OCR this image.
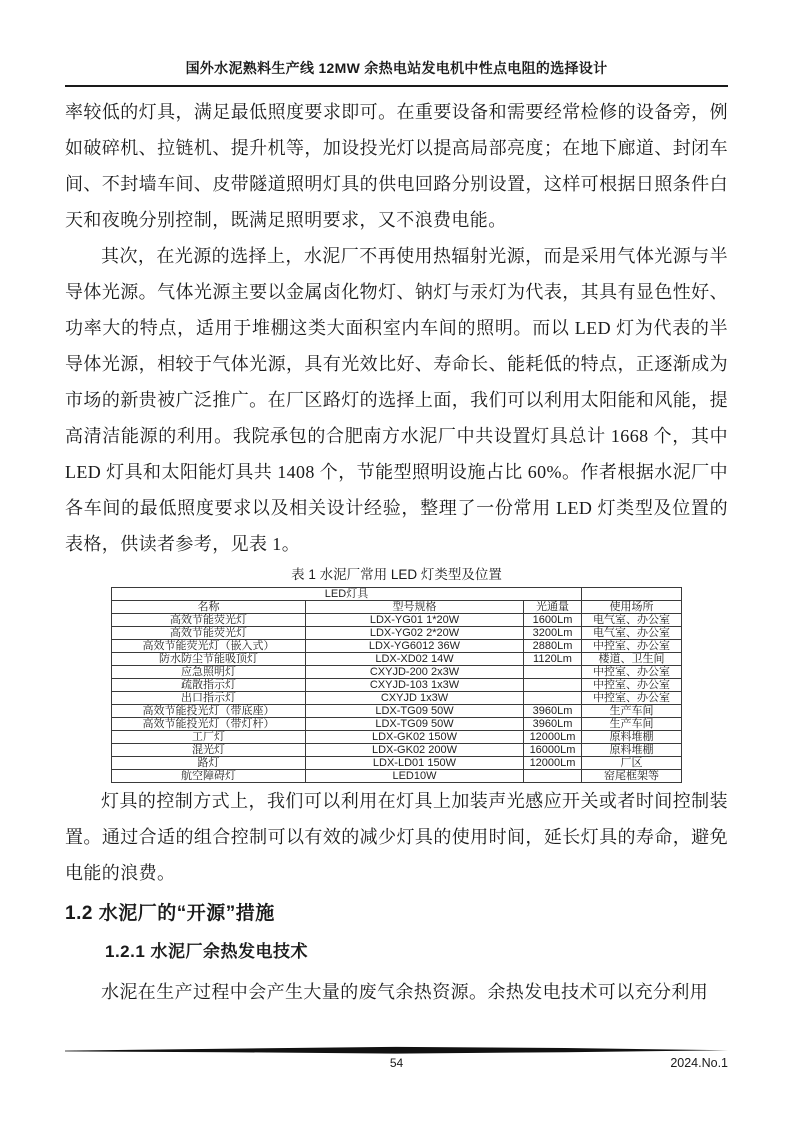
国外水泥熟料生产线 12MW 余热电站发电机中性点电阻的选择设计

率较低的灯具，满足最低照度要求即可。在重要设备和需要经常检修的设备旁，例如破碎机、拉链机、提升机等，加设投光灯以提高局部亮度；在地下廊道、封闭车间、不封墙车间、皮带隧道照明灯具的供电回路分别设置，这样可根据日照条件白天和夜晚分别控制，既满足照明要求，又不浪费电能。

其次，在光源的选择上，水泥厂不再使用热辐射光源，而是采用气体光源与半导体光源。气体光源主要以金属卤化物灯、钠灯与汞灯为代表，其具有显色性好、功率大的特点，适用于堆棚这类大面积室内车间的照明。而以 LED 灯为代表的半导体光源，相较于气体光源，具有光效比好、寿命长、能耗低的特点，正逐渐成为市场的新贵被广泛推广。在厂区路灯的选择上面，我们可以利用太阳能和风能，提高清洁能源的利用。我院承包的合肥南方水泥厂中共设置灯具总计 1668 个，其中 LED 灯具和太阳能灯具共 1408 个，节能型照明设施占比 60%。作者根据水泥厂中各车间的最低照度要求以及相关设计经验，整理了一份常用 LED 灯类型及位置的表格，供读者参考，见表 1。

表 1 水泥厂常用 LED 灯类型及位置
LED灯具			
名称	型号规格	光通量	使用场所
高效节能荧光灯	LDX-YG01 1*20W	1600Lm	电气室、办公室
高效节能荧光灯	LDX-YG02 2*20W	3200Lm	电气室、办公室
高效节能荧光灯（嵌入式）	LDX-YG6012 36W	2880Lm	中控室、办公室
防水防尘节能吸顶灯	LDX-XD02 14W	1120Lm	楼道、卫生间
应急照明灯	CXYJD-200 2x3W		中控室、办公室
疏散指示灯	CXYJD-103 1x3W		中控室、办公室
出口指示灯	CXYJD 1x3W		中控室、办公室
高效节能投光灯（带底座）	LDX-TG09 50W	3960Lm	生产车间
高效节能投光灯（带灯杆）	LDX-TG09 50W	3960Lm	生产车间
工厂灯	LDX-GK02 150W	12000Lm	原料堆棚
混光灯	LDX-GK02 200W	16000Lm	原料堆棚
路灯	LDX-LD01 150W	12000Lm	厂区
航空障碍灯	LED10W		窑尾框架等

灯具的控制方式上，我们可以利用在灯具上加装声光感应开关或者时间控制装置。通过合适的组合控制可以有效的减少灯具的使用时间，延长灯具的寿命，避免电能的浪费。

1.2 水泥厂的“开源”措施
1.2.1 水泥厂余热发电技术

水泥在生产过程中会产生大量的废气余热资源。余热发电技术可以充分利用

54	2024.No.1
